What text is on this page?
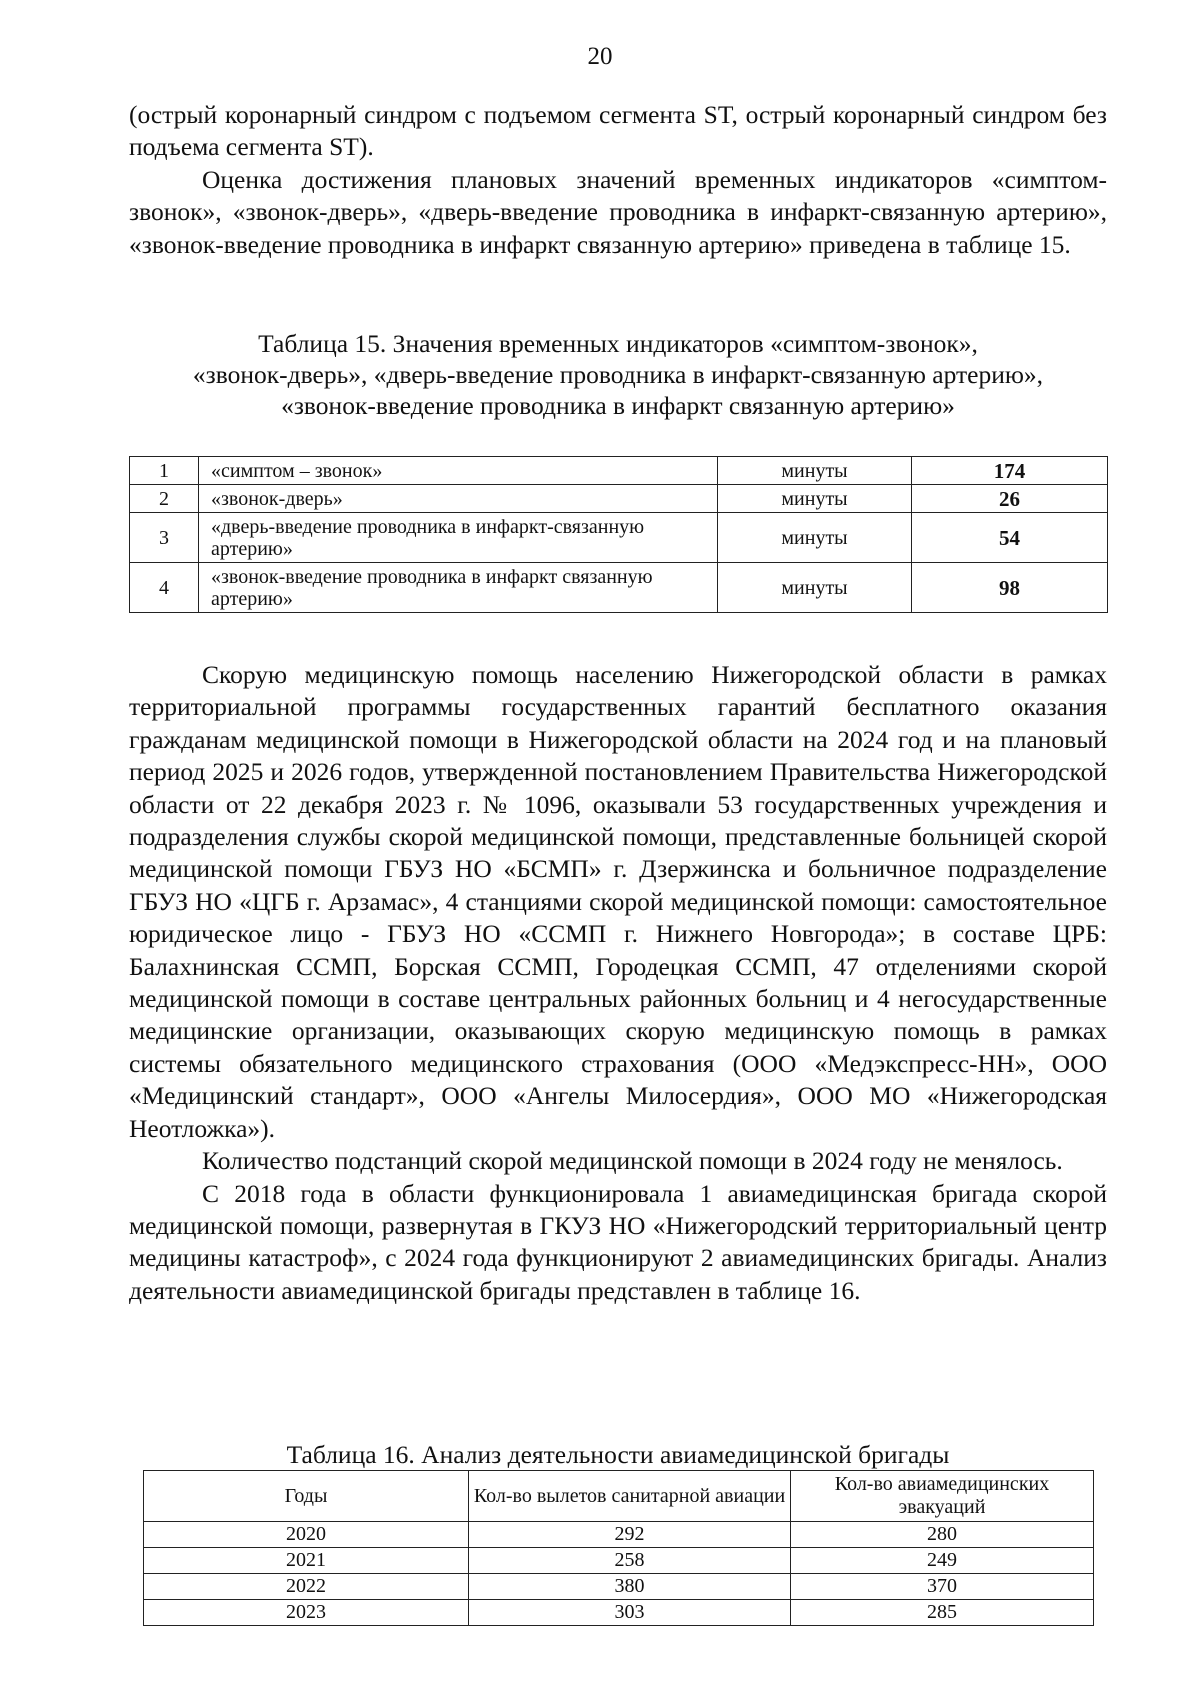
20

(острый коронарный синдром с подъемом сегмента ST, острый коронарный синдром без подъема сегмента ST).

Оценка достижения плановых значений временных индикаторов «симптом-звонок», «звонок-дверь», «дверь-введение проводника в инфаркт-связанную артерию», «звонок-введение проводника в инфаркт связанную артерию» приведена в таблице 15.

Таблица 15. Значения временных индикаторов «симптом-звонок»,
«звонок-дверь», «дверь-введение проводника в инфаркт-связанную артерию»,
«звонок-введение проводника в инфаркт связанную артерию»
1	«симптом – звонок»	минуты	174
2	«звонок-дверь»	минуты	26
3	«дверь-введение проводника в инфаркт-связанную артерию»	минуты	54
4	«звонок-введение проводника в инфаркт связанную артерию»	минуты	98

Скорую медицинскую помощь населению Нижегородской области в рамках территориальной программы государственных гарантий бесплатного оказания гражданам медицинской помощи в Нижегородской области на 2024 год и на плановый период 2025 и 2026 годов, утвержденной постановлением Правительства Нижегородской области от 22 декабря 2023 г. № 1096, оказывали 53 государственных учреждения и подразделения службы скорой медицинской помощи, представленные больницей скорой медицинской помощи ГБУЗ НО «БСМП» г. Дзержинска и больничное подразделение ГБУЗ НО «ЦГБ г. Арзамас», 4 станциями скорой медицинской помощи: самостоятельное юридическое лицо - ГБУЗ НО «ССМП г. Нижнего Новгорода»; в составе ЦРБ: Балахнинская ССМП, Борская ССМП, Городецкая ССМП, 47 отделениями скорой медицинской помощи в составе центральных районных больниц и 4 негосударственные медицинские организации, оказывающих скорую медицинскую помощь в рамках системы обязательного медицинского страхования (ООО «Медэкспресс-НН», ООО «Медицинский стандарт», ООО «Ангелы Милосердия», ООО МО «Нижегородская Неотложка»).

Количество подстанций скорой медицинской помощи в 2024 году не менялось.

С 2018 года в области функционировала 1 авиамедицинская бригада скорой медицинской помощи, развернутая в ГКУЗ НО «Нижегородский территориальный центр медицины катастроф», с 2024 года функционируют 2 авиамедицинских бригады. Анализ деятельности авиамедицинской бригады представлен в таблице 16.

Таблица 16. Анализ деятельности авиамедицинской бригады
Годы	Кол-во вылетов санитарной авиации	Кол-во авиамедицинских эвакуаций
2020	292	280
2021	258	249
2022	380	370
2023	303	285
